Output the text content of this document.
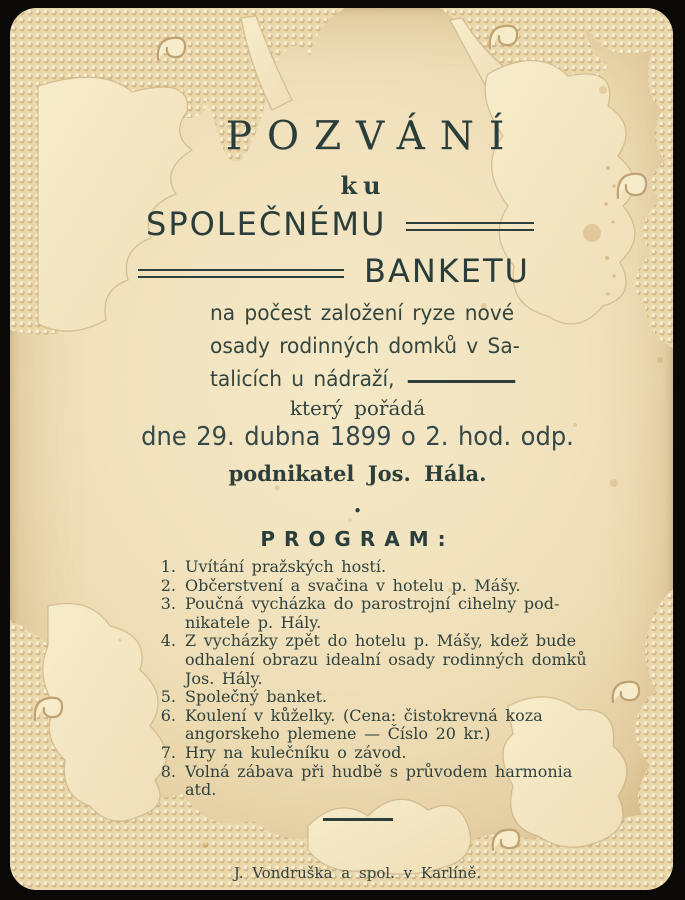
POZVÁNÍ
ku
SPOLEČNÉMU
BANKETU
na počest založení ryze nové
osady rodinných domků v Sa-
talicích u nádraží,
který pořádá
dne 29. dubna 1899 o 2. hod. odp.
podnikatel Jos. Hála.
•
PROGRAM:
1. Uvítání pražských hostí.
2. Občerstvení a svačina v hotelu p. Mášy.
3. Poučná vycházka do parostrojní cihelny pod-
nikatele p. Hály.
4. Z vycházky zpět do hotelu p. Mášy, kdež bude
odhalení obrazu idealní osady rodinných domků
Jos. Hály.
5. Společný banket.
6. Koulení v kůželky. (Cena: čistokrevná koza
angorskeho plemene — Číslo 20 kr.)
7. Hry na kulečníku o závod.
8. Volná zábava při hudbě s průvodem harmonia
atd.
J. Vondruška a spol. v Karlíně.
